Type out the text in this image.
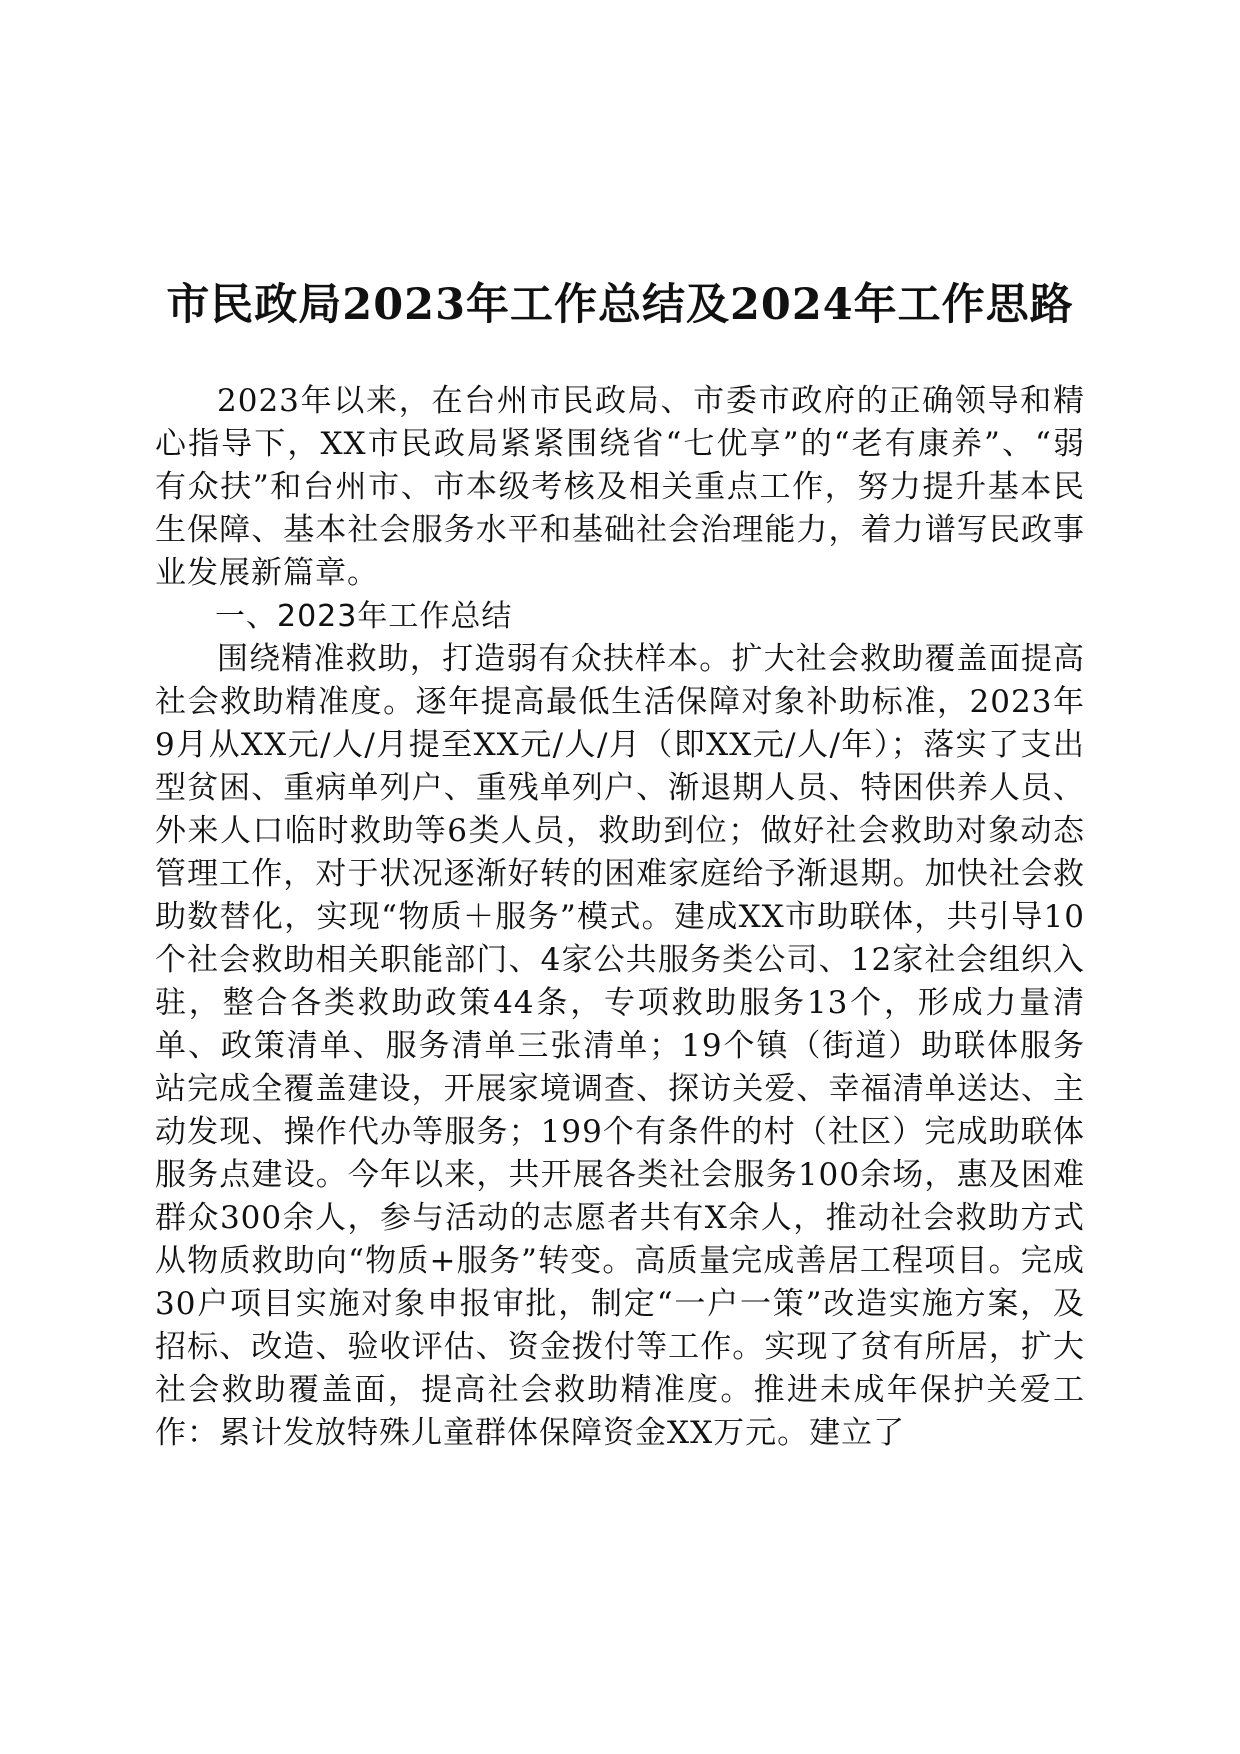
市民政局2023年工作总结及2024年工作思路

2023年以来，在台州市民政局、市委市政府的正确领导和精心指导下，XX市民政局紧紧围绕省“七优享”的“老有康养”、“弱有众扶”和台州市、市本级考核及相关重点工作，努力提升基本民生保障、基本社会服务水平和基础社会治理能力，着力谱写民政事业发展新篇章。

一、2023年工作总结

围绕精准救助，打造弱有众扶样本。扩大社会救助覆盖面提高社会救助精准度。逐年提高最低生活保障对象补助标准，2023年9月从XX元/人/月提至XX元/人/月（即XX元/人/年）；落实了支出型贫困、重病单列户、重残单列户、渐退期人员、特困供养人员、外来人口临时救助等6类人员，救助到位；做好社会救助对象动态管理工作，对于状况逐渐好转的困难家庭给予渐退期。加快社会救助数替化，实现“物质＋服务”模式。建成XX市助联体，共引导10个社会救助相关职能部门、4家公共服务类公司、12家社会组织入驻，整合各类救助政策44条，专项救助服务13个，形成力量清单、政策清单、服务清单三张清单；19个镇（街道）助联体服务站完成全覆盖建设，开展家境调查、探访关爱、幸福清单送达、主动发现、操作代办等服务；199个有条件的村（社区）完成助联体服务点建设。今年以来，共开展各类社会服务100余场，惠及困难群众300余人，参与活动的志愿者共有X余人，推动社会救助方式从物质救助向“物质+服务”转变。高质量完成善居工程项目。完成30户项目实施对象申报审批，制定“一户一策”改造实施方案，及招标、改造、验收评估、资金拨付等工作。实现了贫有所居，扩大社会救助覆盖面，提高社会救助精准度。推进未成年保护关爱工作：累计发放特殊儿童群体保障资金XX万元。建立了
